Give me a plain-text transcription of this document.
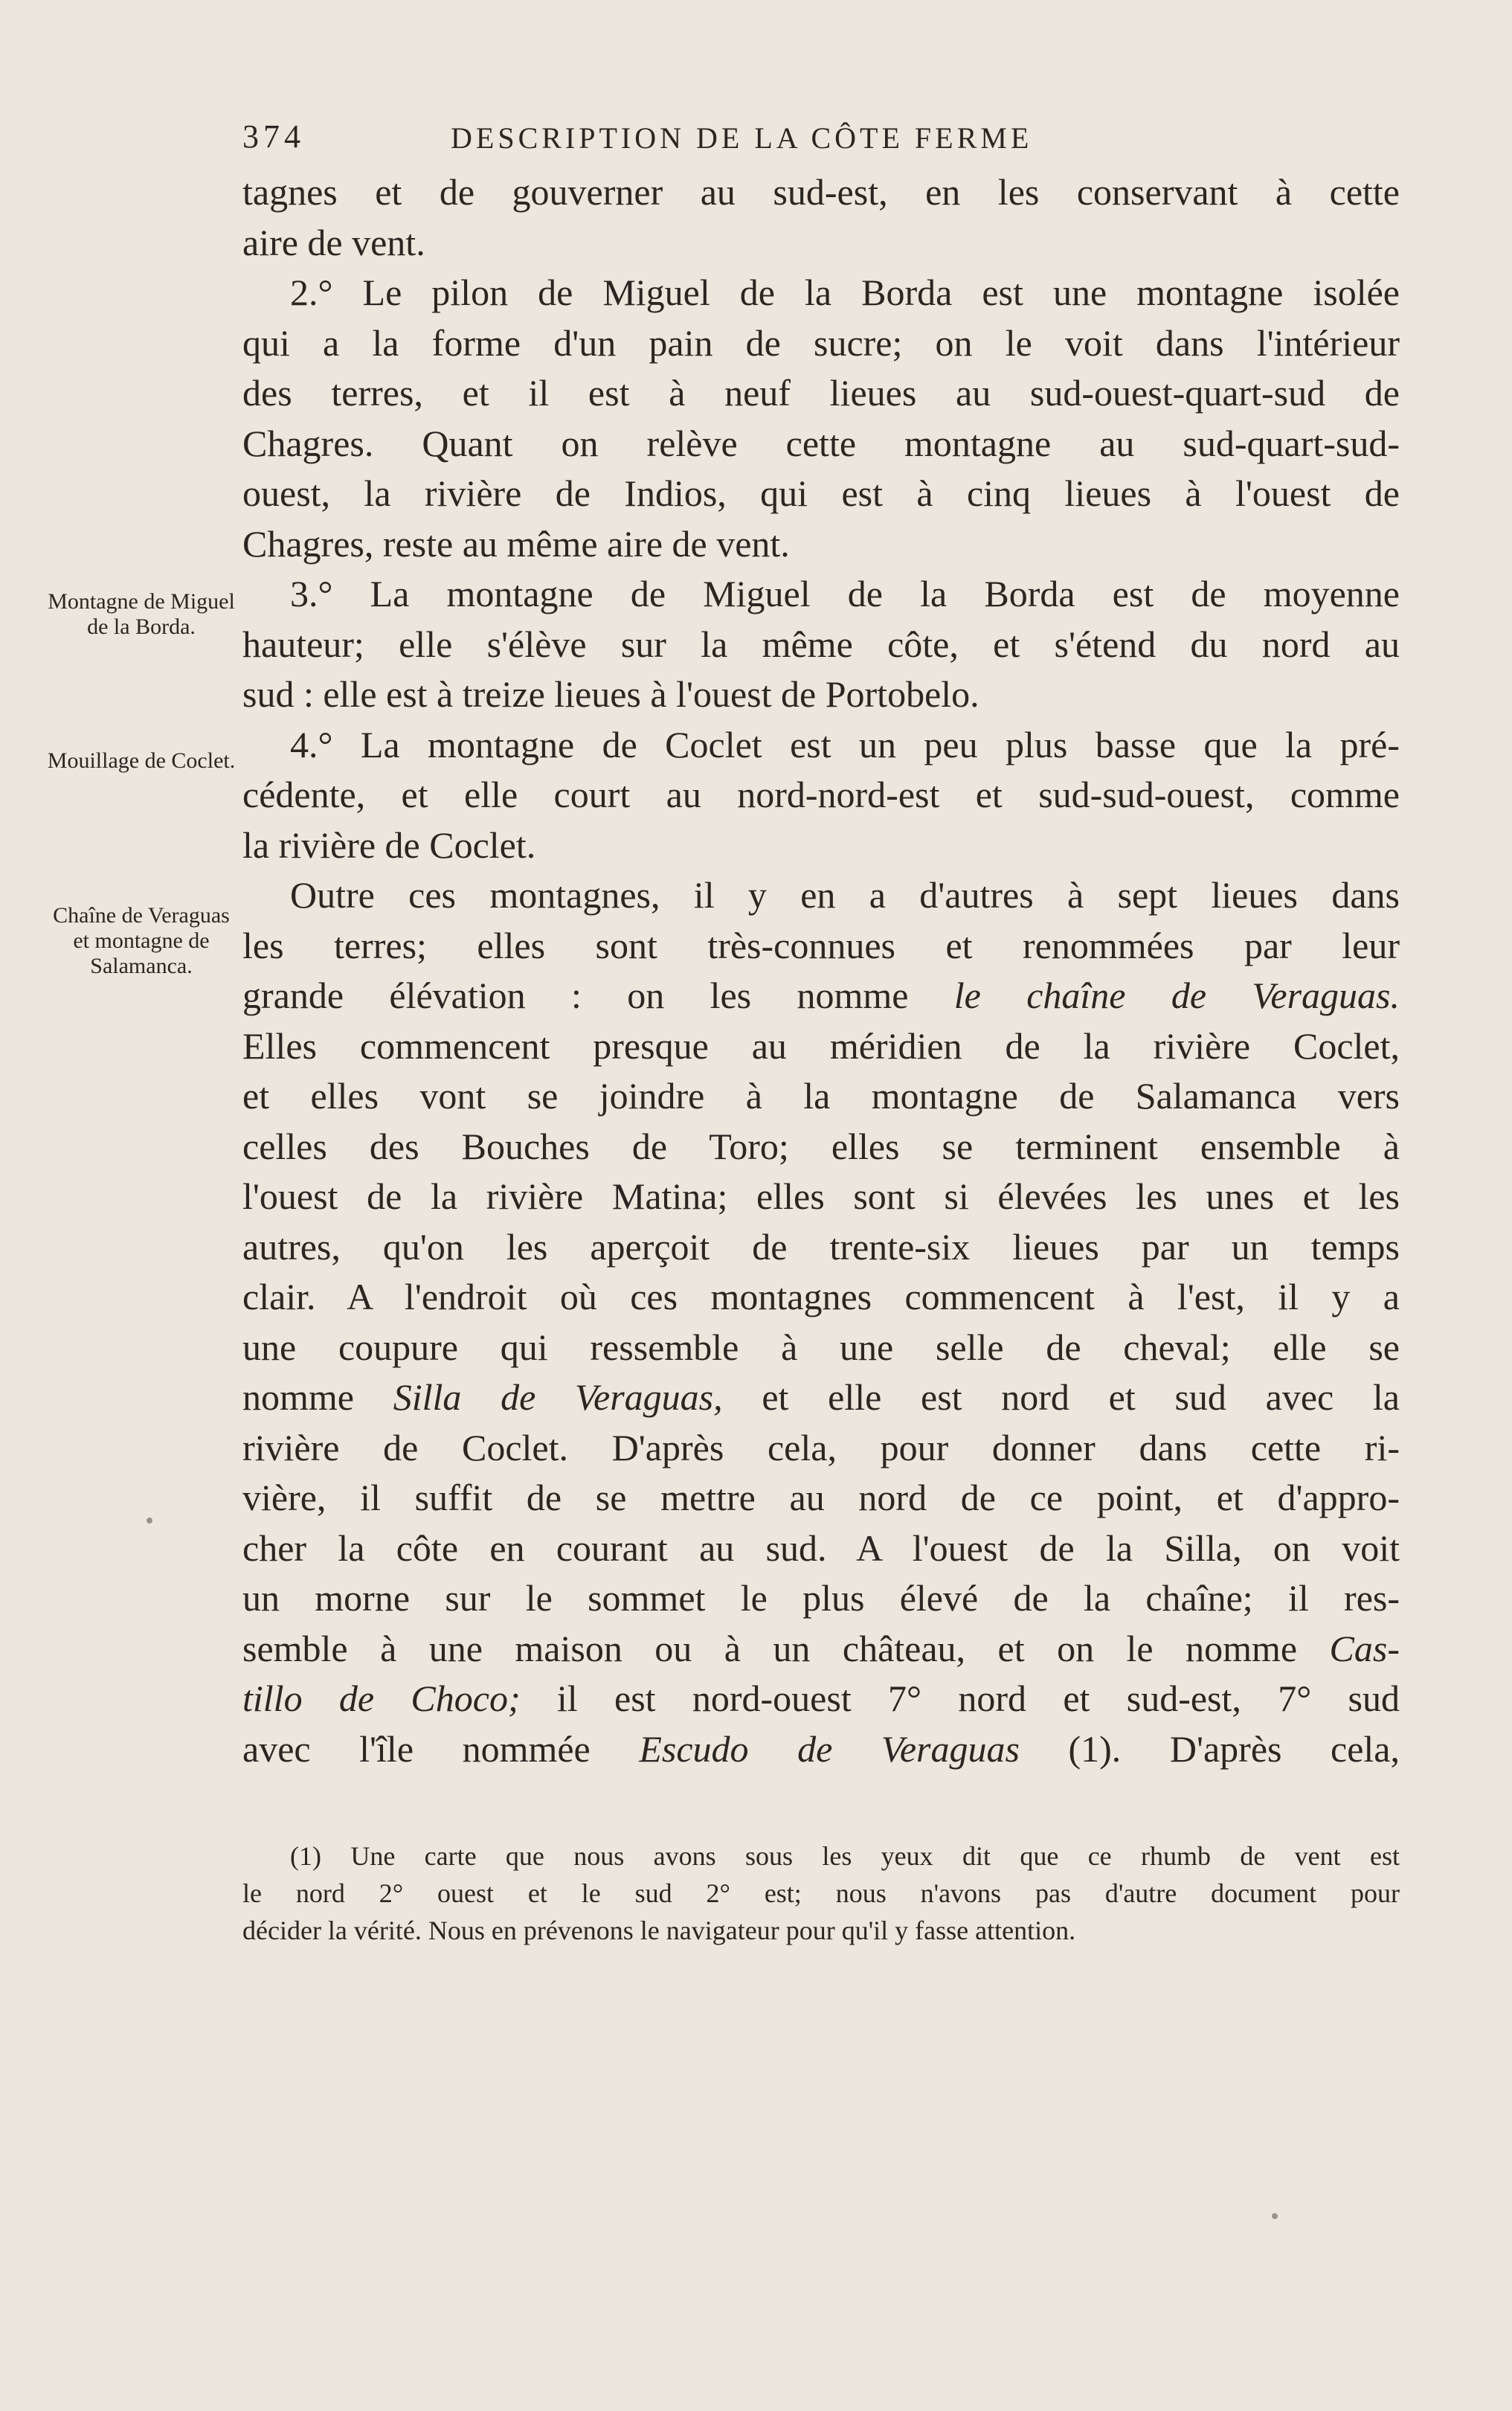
374	DESCRIPTION DE LA CÔTE FERME
Montagne de Miguel de la Borda.
Mouillage de Coclet.
Chaîne de Veraguas et montagne de Salamanca.
tagnes et de gouverner au sud-est, en les conservant à cette
aire de vent.
2.° Le pilon de Miguel de la Borda est une montagne isolée
qui a la forme d'un pain de sucre; on le voit dans l'intérieur
des terres, et il est à neuf lieues au sud-ouest-quart-sud de
Chagres. Quant on relève cette montagne au sud-quart-sud-
ouest, la rivière de Indios, qui est à cinq lieues à l'ouest de
Chagres, reste au même aire de vent.
3.° La montagne de Miguel de la Borda est de moyenne
hauteur; elle s'élève sur la même côte, et s'étend du nord au
sud : elle est à treize lieues à l'ouest de Portobelo.
4.° La montagne de Coclet est un peu plus basse que la pré-
cédente, et elle court au nord-nord-est et sud-sud-ouest, comme
la rivière de Coclet.
Outre ces montagnes, il y en a d'autres à sept lieues dans
les terres; elles sont très-connues et renommées par leur
grande élévation : on les nomme le chaîne de Veraguas.
Elles commencent presque au méridien de la rivière Coclet,
et elles vont se joindre à la montagne de Salamanca vers
celles des Bouches de Toro; elles se terminent ensemble à
l'ouest de la rivière Matina; elles sont si élevées les unes et les
autres, qu'on les aperçoit de trente-six lieues par un temps
clair. A l'endroit où ces montagnes commencent à l'est, il y a
une coupure qui ressemble à une selle de cheval; elle se
nomme Silla de Veraguas, et elle est nord et sud avec la
rivière de Coclet. D'après cela, pour donner dans cette ri-
vière, il suffit de se mettre au nord de ce point, et d'appro-
cher la côte en courant au sud. A l'ouest de la Silla, on voit
un morne sur le sommet le plus élevé de la chaîne; il res-
semble à une maison ou à un château, et on le nomme Cas-
tillo de Choco; il est nord-ouest 7° nord et sud-est, 7° sud
avec l'île nommée Escudo de Veraguas (1). D'après cela,
(1) Une carte que nous avons sous les yeux dit que ce rhumb de vent est
le nord 2° ouest et le sud 2° est; nous n'avons pas d'autre document pour
décider la vérité. Nous en prévenons le navigateur pour qu'il y fasse attention.
